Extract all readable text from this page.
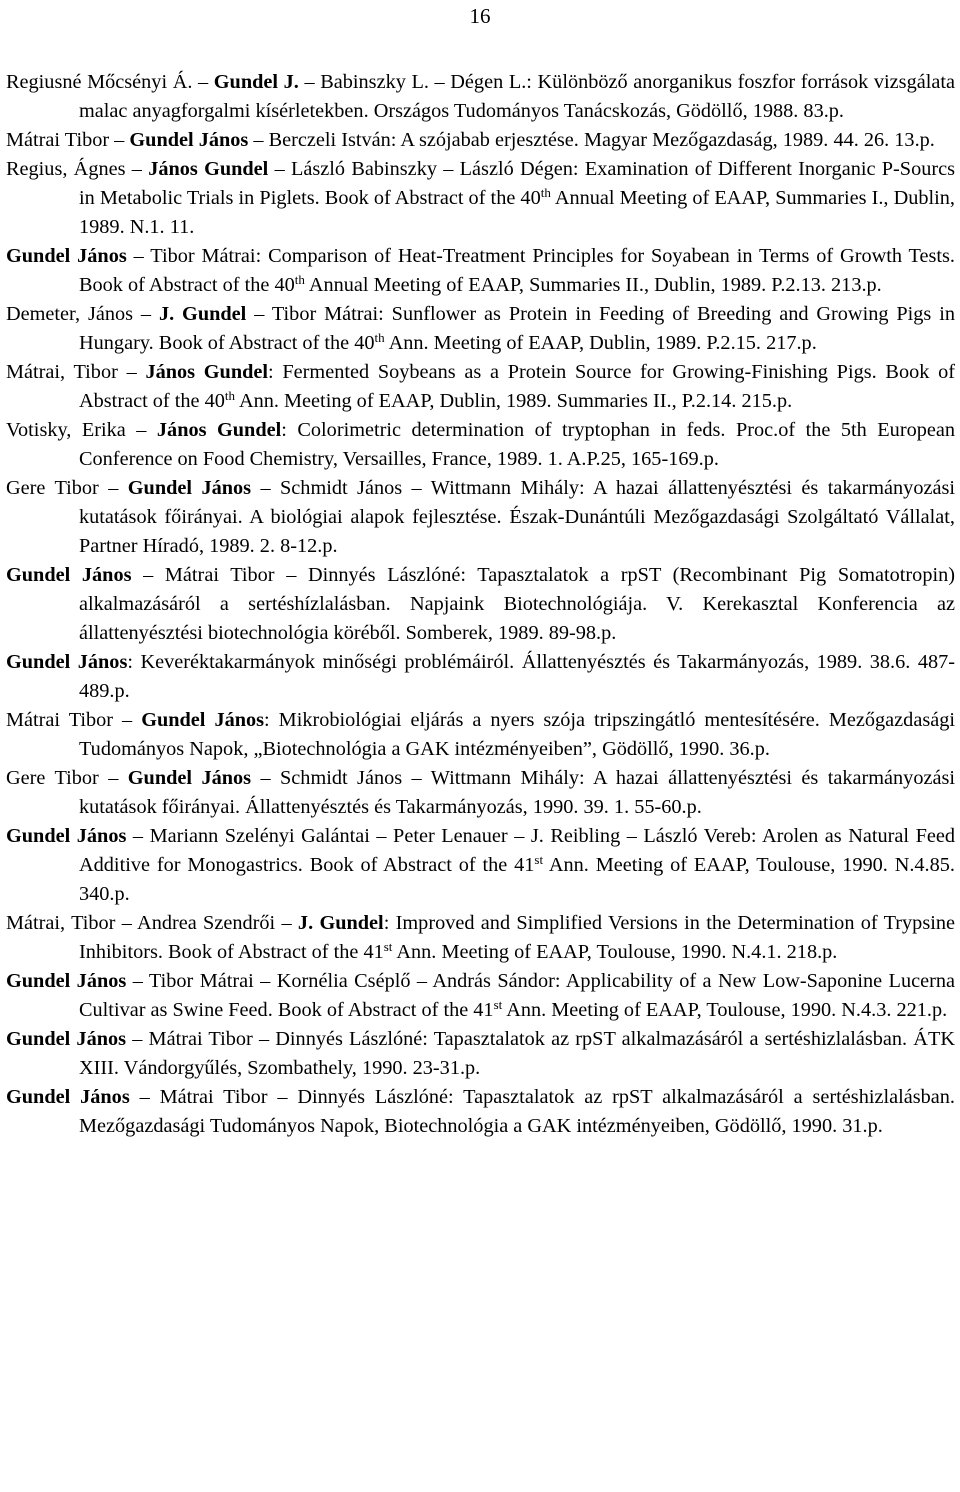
16

Regiusné Mőcsényi Á. – Gundel J. – Babinszky L. – Dégen L.: Különböző anorganikus foszfor források vizsgálata malac anyagforgalmi kísérletekben. Országos Tudományos Tanácskozás, Gödöllő, 1988. 83.p.

Mátrai Tibor – Gundel János – Berczeli István: A szójabab erjesztése. Magyar Mezőgazdaság, 1989. 44. 26. 13.p.

Regius, Ágnes – János Gundel – László Babinszky – László Dégen: Examination of Different Inorganic P-Sourcs in Metabolic Trials in Piglets. Book of Abstract of the 40th Annual Meeting of EAAP, Summaries I., Dublin, 1989. N.1. 11.

Gundel János – Tibor Mátrai: Comparison of Heat-Treatment Principles for Soyabean in Terms of Growth Tests. Book of Abstract of the 40th Annual Meeting of EAAP, Summaries II., Dublin, 1989. P.2.13. 213.p.

Demeter, János – J. Gundel – Tibor Mátrai: Sunflower as Protein in Feeding of Breeding and Growing Pigs in Hungary. Book of Abstract of the 40th Ann. Meeting of EAAP, Dublin, 1989. P.2.15. 217.p.

Mátrai, Tibor – János Gundel: Fermented Soybeans as a Protein Source for Growing-Finishing Pigs. Book of Abstract of the 40th Ann. Meeting of EAAP, Dublin, 1989. Summaries II., P.2.14. 215.p.

Votisky, Erika – János Gundel: Colorimetric determination of tryptophan in feds. Proc.of the 5th European Conference on Food Chemistry, Versailles, France, 1989. 1. A.P.25, 165-169.p.

Gere Tibor – Gundel János – Schmidt János – Wittmann Mihály: A hazai állattenyésztési és takarmányozási kutatások főirányai. A biológiai alapok fejlesztése. Észak-Dunántúli Mezőgazdasági Szolgáltató Vállalat, Partner Híradó, 1989. 2. 8-12.p.

Gundel János – Mátrai Tibor – Dinnyés Lászlóné: Tapasztalatok a rpST (Recombinant Pig Somatotropin) alkalmazásáról a sertéshízlalásban. Napjaink Biotechnológiája. V. Kerekasztal Konferencia az állattenyésztési biotechnológia köréből. Somberek, 1989. 89-98.p.

Gundel János: Keveréktakarmányok minőségi problémáiról. Állattenyésztés és Takarmányozás, 1989. 38.6. 487-489.p.

Mátrai Tibor – Gundel János: Mikrobiológiai eljárás a nyers szója tripszingátló mentesítésére. Mezőgazdasági Tudományos Napok, „Biotechnológia a GAK intézményeiben”, Gödöllő, 1990. 36.p.

Gere Tibor – Gundel János – Schmidt János – Wittmann Mihály: A hazai állattenyésztési és takarmányozási kutatások főirányai. Állattenyésztés és Takarmányozás, 1990. 39. 1. 55-60.p.

Gundel János – Mariann Szelényi Galántai – Peter Lenauer – J. Reibling – László Vereb: Arolen as Natural Feed Additive for Monogastrics. Book of Abstract of the 41st Ann. Meeting of EAAP, Toulouse, 1990. N.4.85. 340.p.

Mátrai, Tibor – Andrea Szendrői – J. Gundel: Improved and Simplified Versions in the Determination of Trypsine Inhibitors. Book of Abstract of the 41st Ann. Meeting of EAAP, Toulouse, 1990. N.4.1. 218.p.

Gundel János – Tibor Mátrai – Kornélia Cséplő – András Sándor: Applicability of a New Low-Saponine Lucerna Cultivar as Swine Feed. Book of Abstract of the 41st Ann. Meeting of EAAP, Toulouse, 1990. N.4.3. 221.p.

Gundel János – Mátrai Tibor – Dinnyés Lászlóné: Tapasztalatok az rpST alkalmazásáról a sertéshizlalásban. ÁTK XIII. Vándorgyűlés, Szombathely, 1990. 23-31.p.

Gundel János – Mátrai Tibor – Dinnyés Lászlóné: Tapasztalatok az rpST alkalmazásáról a sertéshizlalásban. Mezőgazdasági Tudományos Napok, Biotechnológia a GAK intézményeiben, Gödöllő, 1990. 31.p.
